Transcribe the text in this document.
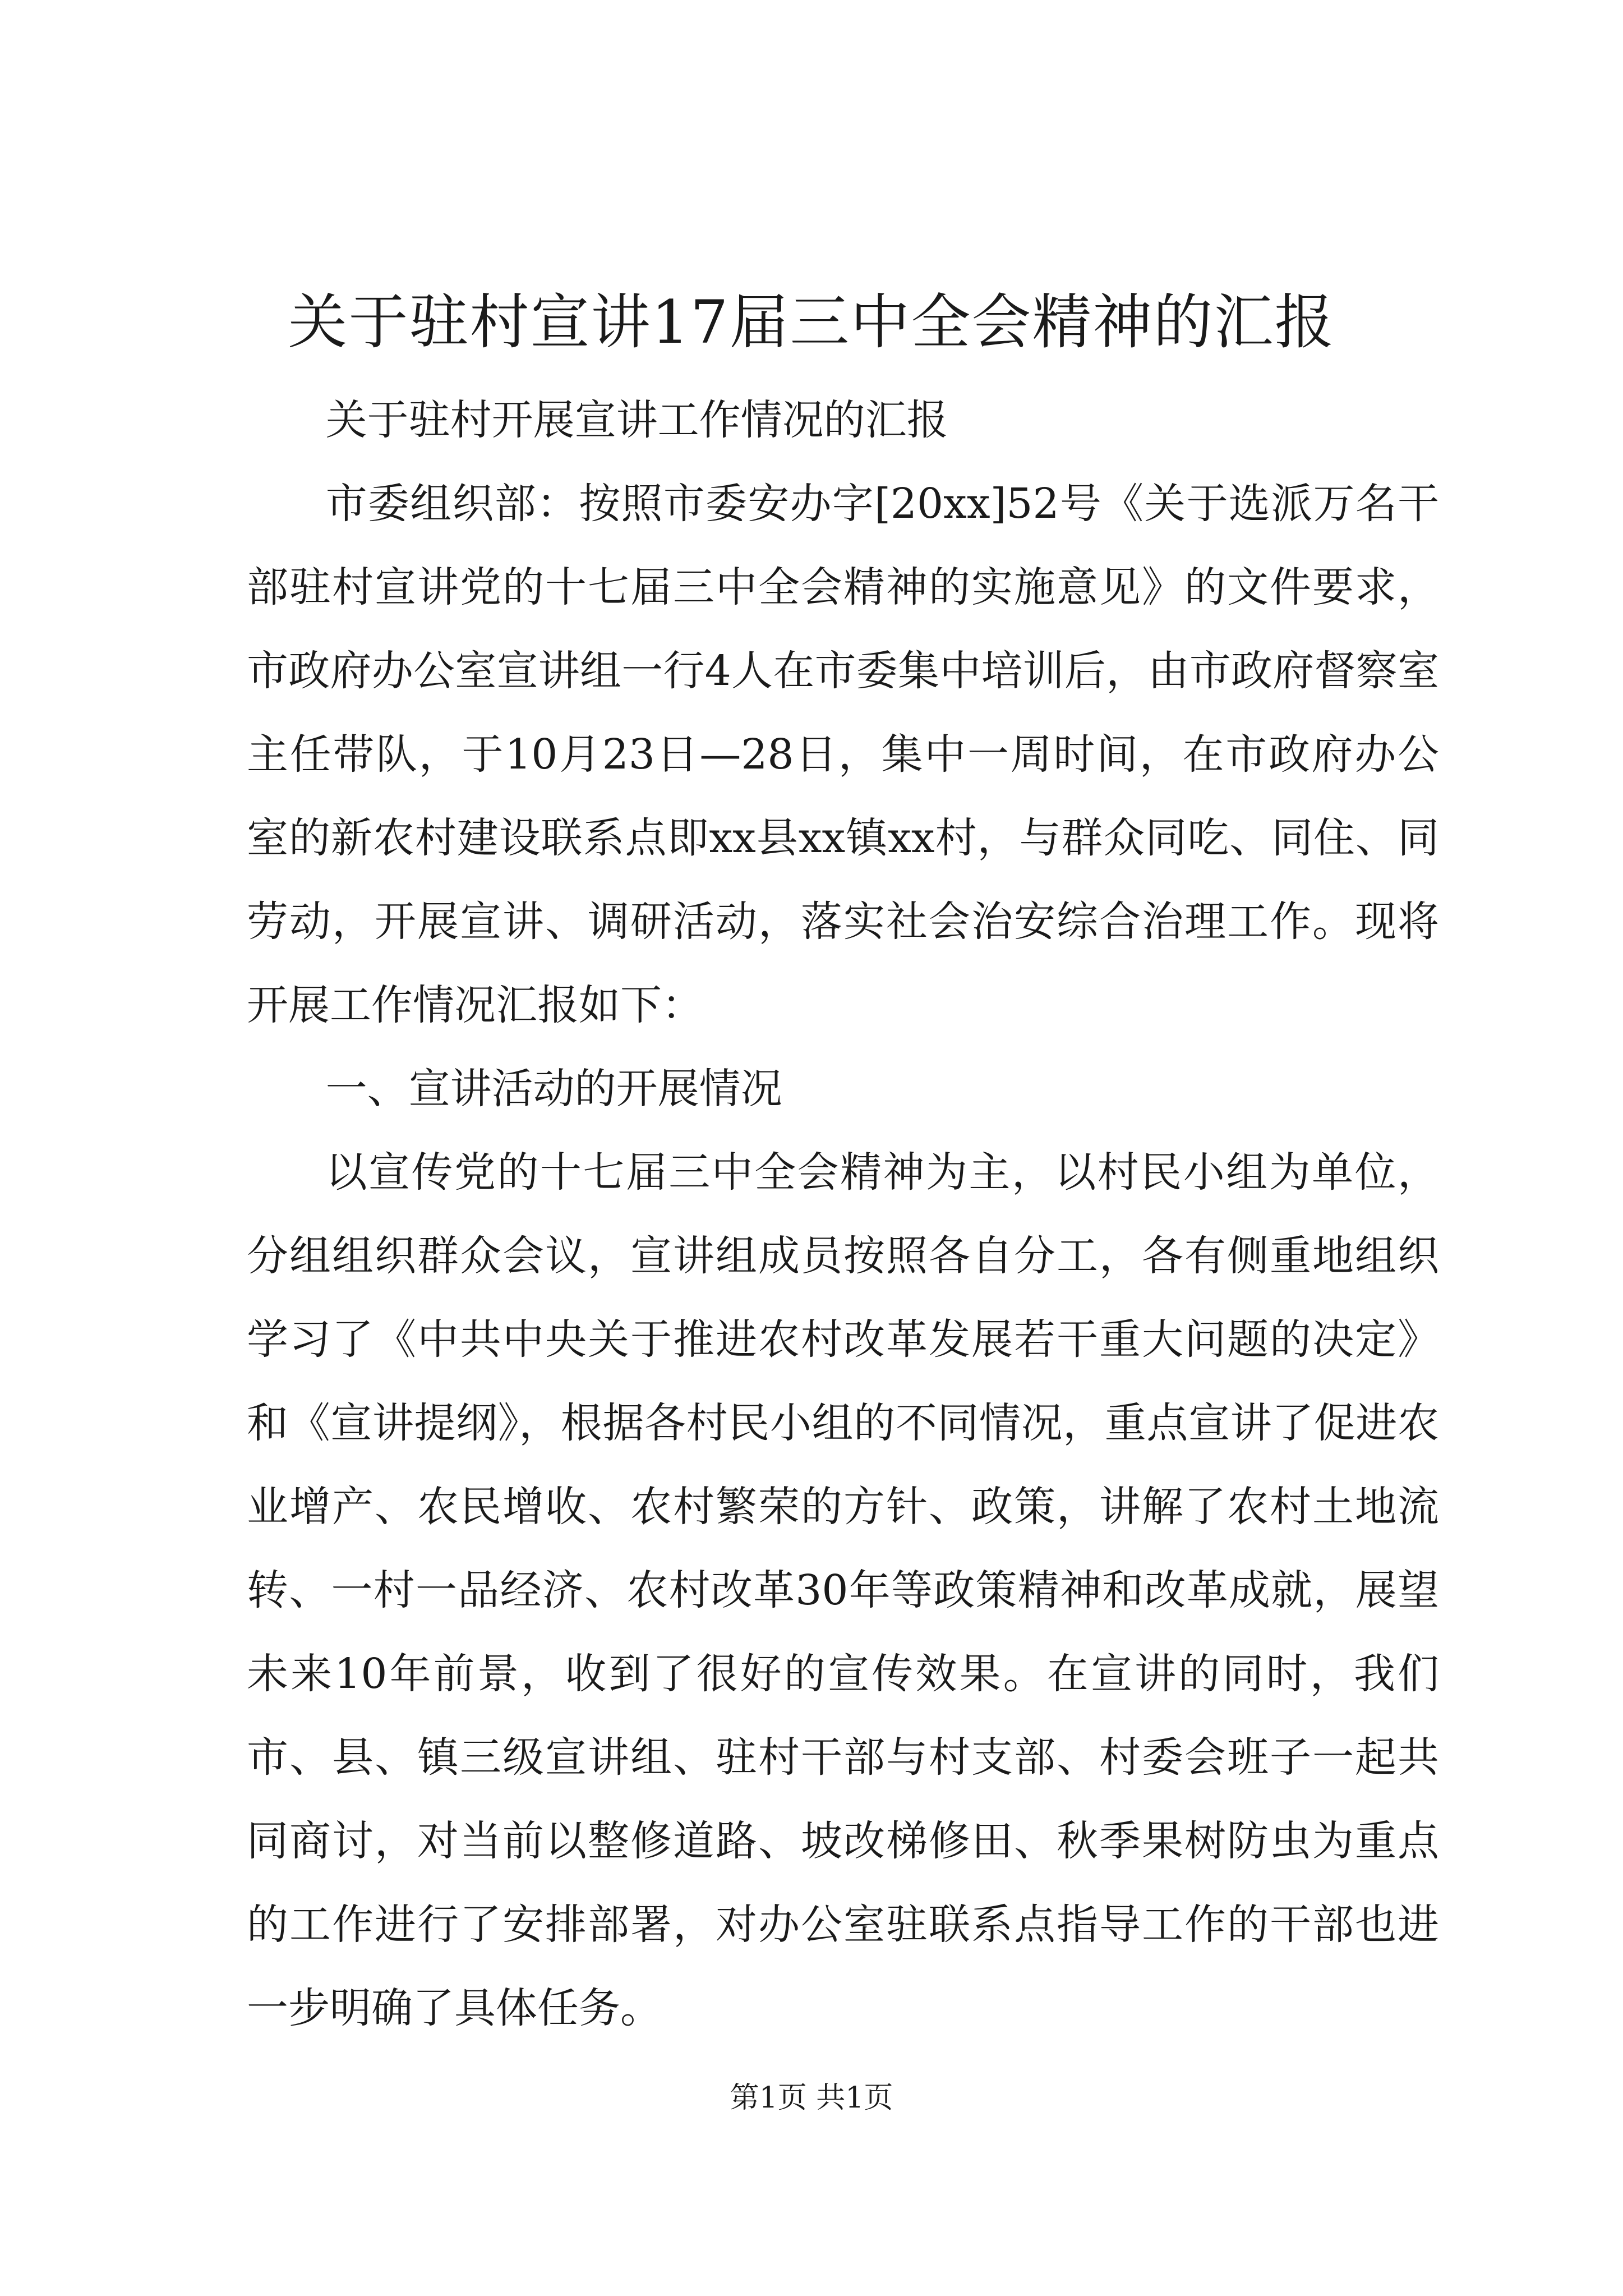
关于驻村宣讲17届三中全会精神的汇报

关于驻村开展宣讲工作情况的汇报

市委组织部：按照市委安办字[20xx]52号《关于选派万名干部驻村宣讲党的十七届三中全会精神的实施意见》的文件要求，市政府办公室宣讲组一行4人在市委集中培训后，由市政府督察室主任带队，于10月23日—28日，集中一周时间，在市政府办公室的新农村建设联系点即xx县xx镇xx村，与群众同吃、同住、同劳动，开展宣讲、调研活动，落实社会治安综合治理工作。现将开展工作情况汇报如下：

一、宣讲活动的开展情况

以宣传党的十七届三中全会精神为主，以村民小组为单位，分组组织群众会议，宣讲组成员按照各自分工，各有侧重地组织学习了《中共中央关于推进农村改革发展若干重大问题的决定》和《宣讲提纲》，根据各村民小组的不同情况，重点宣讲了促进农业增产、农民增收、农村繁荣的方针、政策，讲解了农村土地流转、一村一品经济、农村改革30年等政策精神和改革成就，展望未来10年前景，收到了很好的宣传效果。在宣讲的同时，我们市、县、镇三级宣讲组、驻村干部与村支部、村委会班子一起共同商讨，对当前以整修道路、坡改梯修田、秋季果树防虫为重点的工作进行了安排部署，对办公室驻联系点指导工作的干部也进一步明确了具体任务。

第1页 共1页
